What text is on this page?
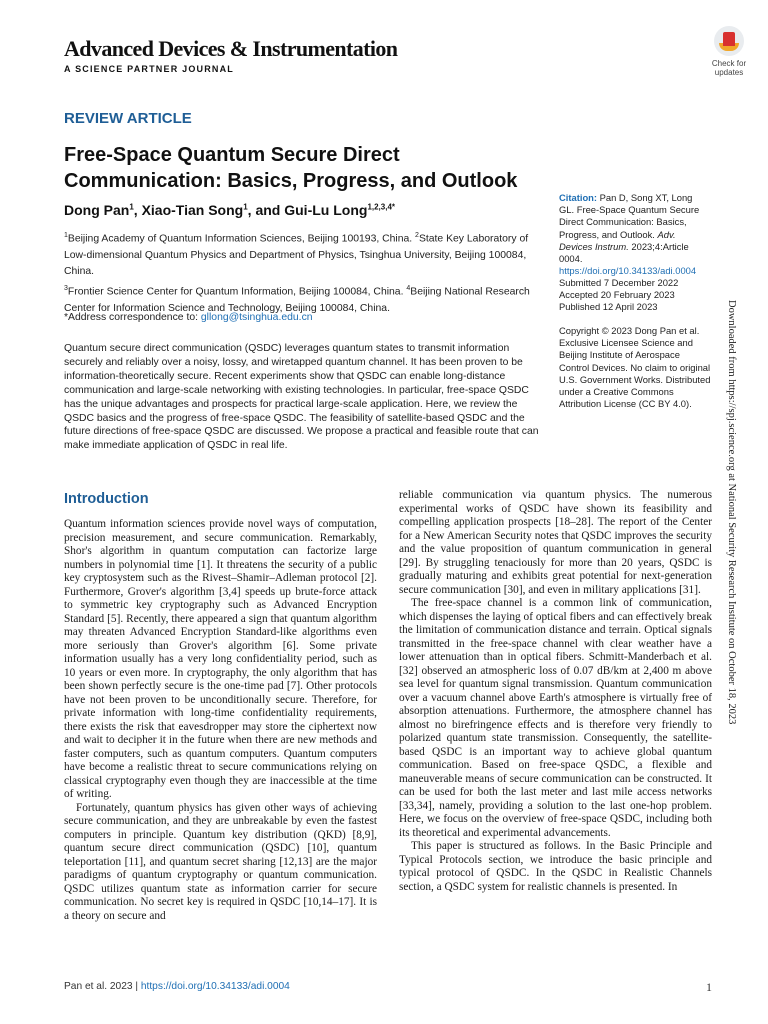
Advanced Devices & Instrumentation
A SCIENCE PARTNER JOURNAL
Check for updates
REVIEW ARTICLE
Free-Space Quantum Secure Direct Communication: Basics, Progress, and Outlook
Dong Pan$^1$, Xiao-Tian Song$^1$, and Gui-Lu Long$^{1,2,3,4*}$
$^1$Beijing Academy of Quantum Information Sciences, Beijing 100193, China. $^2$State Key Laboratory of Low-dimensional Quantum Physics and Department of Physics, Tsinghua University, Beijing 100084, China.
$^3$Frontier Science Center for Quantum Information, Beijing 100084, China. $^4$Beijing National Research Center for Information Science and Technology, Beijing 100084, China.
*Address correspondence to: gllong@tsinghua.edu.cn
Quantum secure direct communication (QSDC) leverages quantum states to transmit information securely and reliably over a noisy, lossy, and wiretapped quantum channel. It has been proven to be information-theoretically secure. Recent experiments show that QSDC can enable long-distance communication and large-scale networking with existing technologies. In particular, free-space QSDC has the unique advantages and prospects for practical large-scale application. Here, we review the QSDC basics and the progress of free-space QSDC. The feasibility of satellite-based QSDC and the future directions of free-space QSDC are discussed. We propose a practical and feasible route that can make immediate application of QSDC in real life.
Citation: Pan D, Song XT, Long GL. Free-Space Quantum Secure Direct Communication: Basics, Progress, and Outlook. Adv. Devices Instrum. 2023;4:Article 0004. https://doi.org/10.34133/adi.0004
Submitted 7 December 2022
Accepted 20 February 2023
Published 12 April 2023
Copyright © 2023 Dong Pan et al. Exclusive Licensee Science and Beijing Institute of Aerospace Control Devices. No claim to original U.S. Government Works. Distributed under a Creative Commons Attribution License (CC BY 4.0).	Downloaded from https://spj.science.org at National Security Research Institute on October 18, 2023
Introduction

Quantum information sciences provide novel ways of computation, precision measurement, and secure communication. Remarkably, Shor's algorithm in quantum computation can factorize large numbers in polynomial time [1]. It threatens the security of a public key cryptosystem such as the Rivest–Shamir–Adleman protocol [2]. Furthermore, Grover's algorithm [3,4] speeds up brute-force attack to symmetric key cryptography such as Advanced Encryption Standard [5]. Recently, there appeared a sign that quantum algorithm may threaten Advanced Encryption Standard-like algorithms even more seriously than Grover's algorithm [6]. Some private information usually has a very long confidentiality period, such as 10 years or even more. In cryptography, the only algorithm that has been shown perfectly secure is the one-time pad [7]. Other protocols have not been proven to be unconditionally secure. Therefore, for private information with long-time confidentiality requirements, there exists the risk that eavesdropper may store the ciphertext now and wait to decipher it in the future when there are new methods and faster computers, such as quantum computers. Quantum computers have become a realistic threat to secure communications relying on classical cryptography even though they are inaccessible at the time of writing.

Fortunately, quantum physics has given other ways of achieving secure communication, and they are unbreakable by even the fastest computers in principle. Quantum key distribution (QKD) [8,9], quantum secure direct communication (QSDC) [10], quantum teleportation [11], and quantum secret sharing [12,13] are the major paradigms of quantum cryptography or quantum communication. QSDC utilizes quantum state as information carrier for secure communication. No secret key is required in QSDC [10,14–17]. It is a theory on secure and

reliable communication via quantum physics. The numerous experimental works of QSDC have shown its feasibility and compelling application prospects [18–28]. The report of the Center for a New American Security notes that QSDC improves the security and the value proposition of quantum communication in general [29]. By struggling tenaciously for more than 20 years, QSDC is gradually maturing and exhibits great potential for next-generation secure communication [30], and even in military applications [31].

The free-space channel is a common link of communication, which dispenses the laying of optical fibers and can effectively break the limitation of communication distance and terrain. Optical signals transmitted in the free-space channel with clear weather have a lower attenuation than in optical fibers. Schmitt-Manderbach et al. [32] observed an atmospheric loss of 0.07 dB/km at 2,400 m above sea level for quantum signal transmission. Quantum communication over a vacuum channel above Earth's atmosphere is virtually free of absorption attenuations. Furthermore, the atmosphere channel has almost no birefringence effects and is therefore very friendly to polarized quantum state transmission. Consequently, the satellite-based QSDC is an important way to achieve global quantum communication. Based on free-space QSDC, a flexible and maneuverable means of secure communication can be constructed. It can be used for both the last meter and last mile access networks [33,34], namely, providing a solution to the last one-hop problem. Here, we focus on the overview of free-space QSDC, including both its theoretical and experimental advancements.

This paper is structured as follows. In the Basic Principle and Typical Protocols section, we introduce the basic principle and typical protocol of QSDC. In the QSDC in Realistic Channels section, a QSDC system for realistic channels is presented. In

Pan et al. 2023 | https://doi.org/10.34133/adi.0004	1
